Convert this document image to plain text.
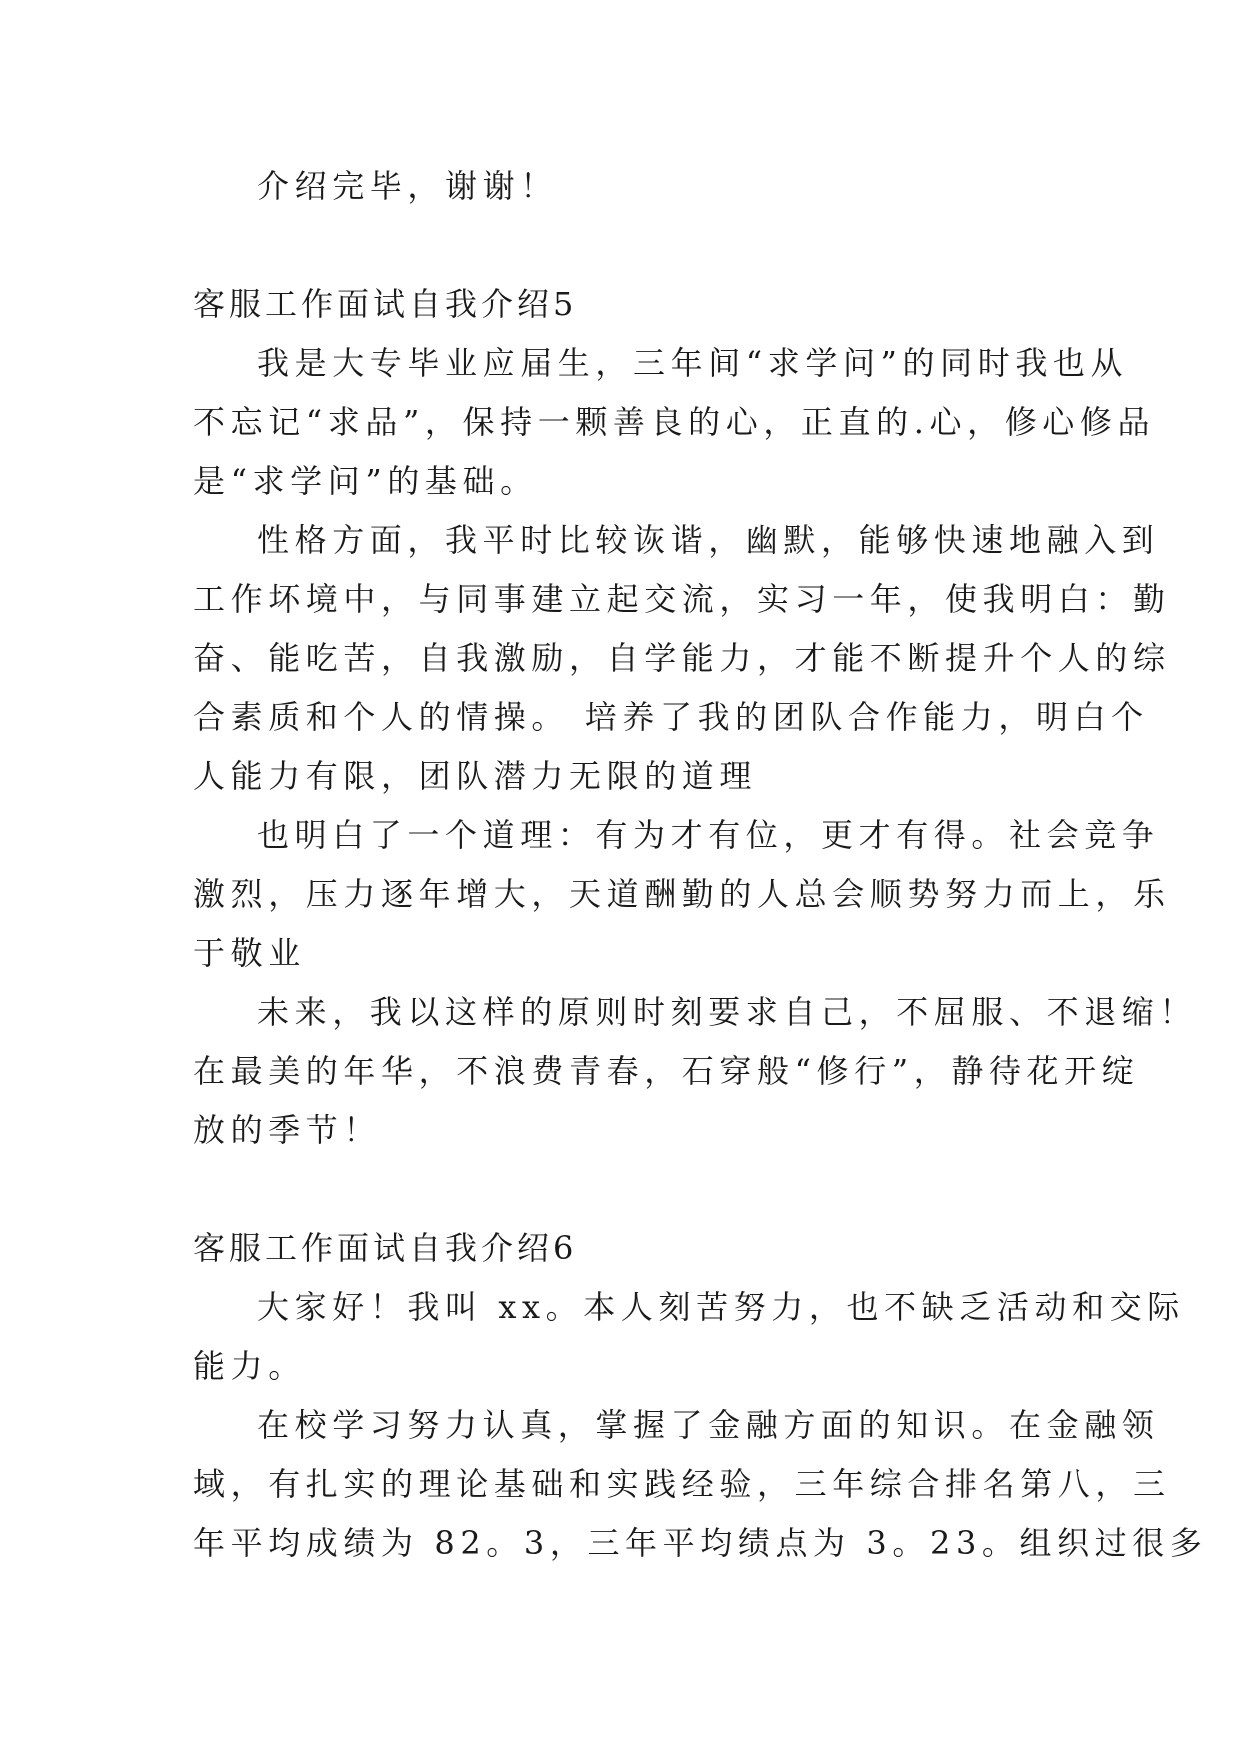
介绍完毕，谢谢！
客服工作面试自我介绍5
我是大专毕业应届生，三年间“求学问”的同时我也从
不忘记“求品”，保持一颗善良的心，正直的.心，修心修品
是“求学问”的基础。
性格方面，我平时比较诙谐，幽默，能够快速地融入到
工作坏境中，与同事建立起交流，实习一年，使我明白：勤
奋、能吃苦，自我激励，自学能力，才能不断提升个人的综
合素质和个人的情操。 培养了我的团队合作能力，明白个
人能力有限，团队潜力无限的道理
也明白了一个道理：有为才有位，更才有得。社会竞争
激烈，压力逐年增大，天道酬勤的人总会顺势努力而上，乐
于敬业
未来，我以这样的原则时刻要求自己，不屈服、不退缩！
在最美的年华，不浪费青春，石穿般“修行”，静待花开绽
放的季节！
客服工作面试自我介绍6
大家好！我叫 xx。本人刻苦努力，也不缺乏活动和交际
能力。
在校学习努力认真，掌握了金融方面的知识。在金融领
域，有扎实的理论基础和实践经验，三年综合排名第八，三
年平均成绩为 82。3，三年平均绩点为 3。23。组织过很多
